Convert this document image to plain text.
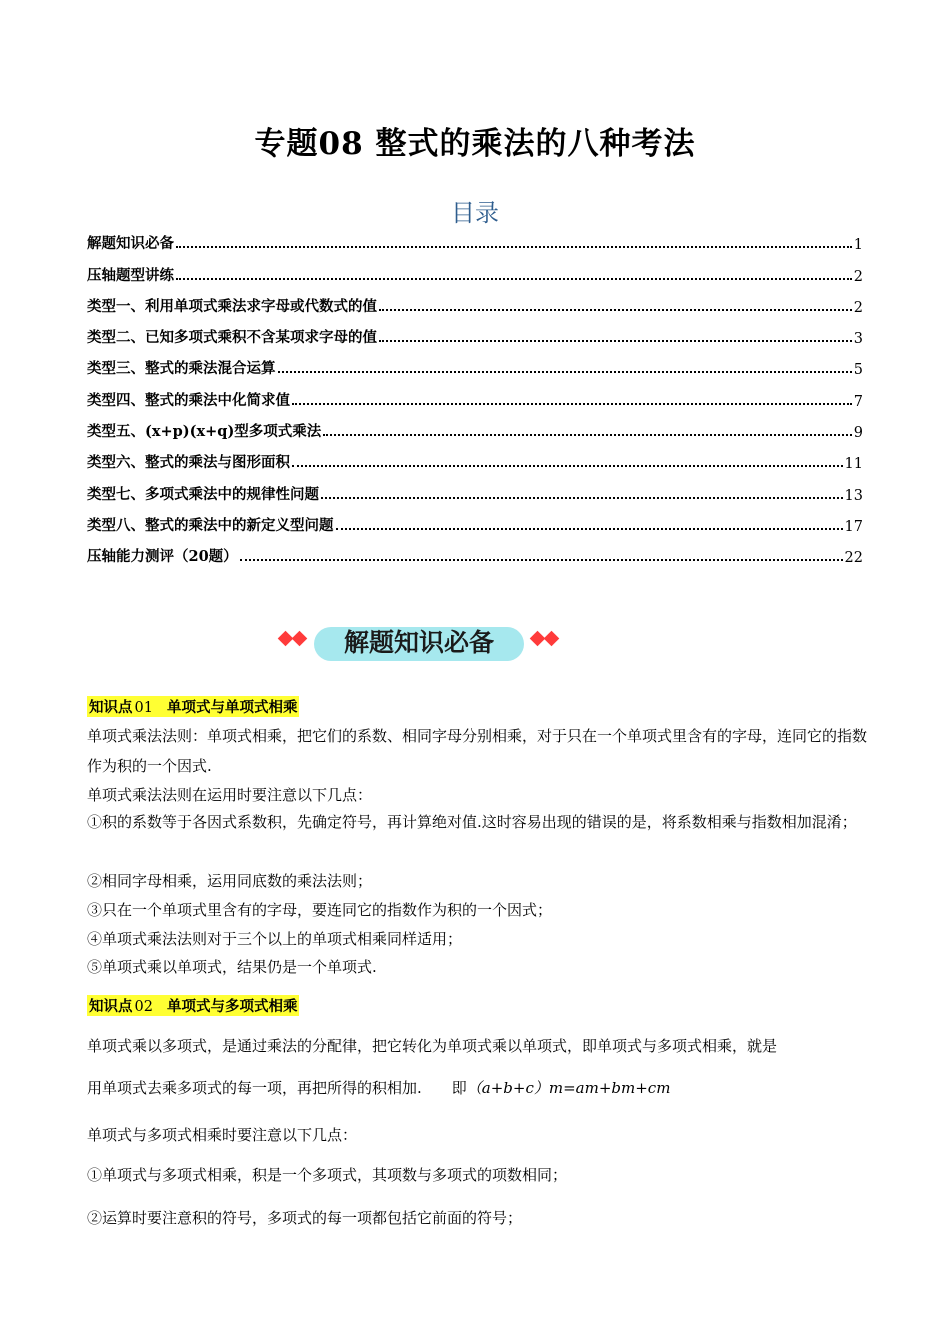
专题08 整式的乘法的八种考法
目录
解题知识必备	1
压轴题型讲练	2
类型一、利用单项式乘法求字母或代数式的值	2
类型二、已知多项式乘积不含某项求字母的值	3
类型三、整式的乘法混合运算	5
类型四、整式的乘法中化简求值	7
类型五、(x+p)(x+q)型多项式乘法	9
类型六、整式的乘法与图形面积	11
类型七、多项式乘法中的规律性问题	13
类型八、整式的乘法中的新定义型问题	17
压轴能力测评（20题）	22
解题知识必备
知识点 01 单项式与单项式相乘
单项式乘法法则：单项式相乘，把它们的系数、相同字母分别相乘，对于只在一个单项式里含有的字母，连同它的指数作为积的一个因式.
单项式乘法法则在运用时要注意以下几点：
①积的系数等于各因式系数积，先确定符号，再计算绝对值.这时容易出现的错误的是，将系数相乘与指数相加混淆；
②相同字母相乘，运用同底数的乘法法则；
③只在一个单项式里含有的字母，要连同它的指数作为积的一个因式；
④单项式乘法法则对于三个以上的单项式相乘同样适用；
⑤单项式乘以单项式，结果仍是一个单项式.
知识点 02 单项式与多项式相乘
单项式乘以多项式，是通过乘法的分配律，把它转化为单项式乘以单项式，即单项式与多项式相乘，就是
用单项式去乘多项式的每一项，再把所得的积相加. 即（a+b+c）m=am+bm+cm
单项式与多项式相乘时要注意以下几点：
①单项式与多项式相乘，积是一个多项式，其项数与多项式的项数相同；
②运算时要注意积的符号，多项式的每一项都包括它前面的符号；
